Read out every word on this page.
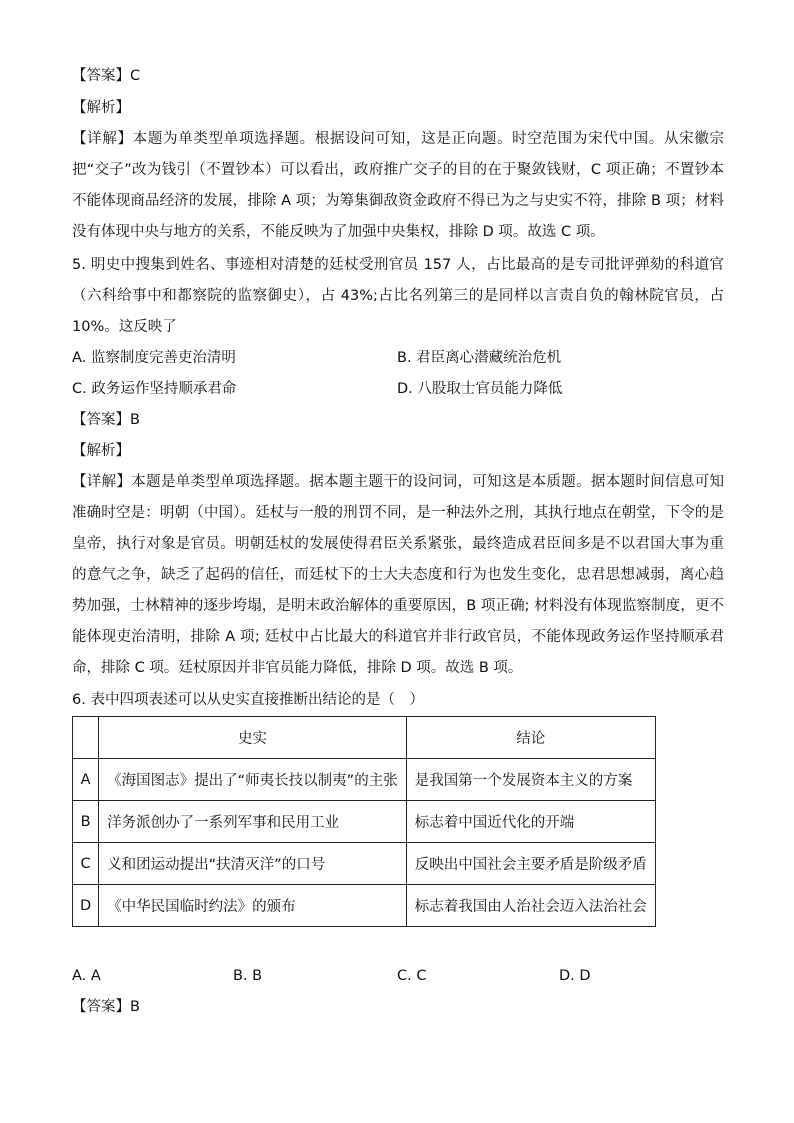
【答案】C
【解析】
【详解】本题为单类型单项选择题。根据设问可知，这是正向题。时空范围为宋代中国。从宋徽宗把“交子”改为钱引（不置钞本）可以看出，政府推广交子的目的在于聚敛钱财，C 项正确；不置钞本不能体现商品经济的发展，排除 A 项；为筹集御敌资金政府不得已为之与史实不符，排除 B 项；材料没有体现中央与地方的关系，不能反映为了加强中央集权，排除 D 项。故选 C 项。
5. 明史中搜集到姓名、事迹相对清楚的廷杖受刑官员 157 人，占比最高的是专司批评弹劾的科道官（六科给事中和都察院的监察御史），占 43%;占比名列第三的是同样以言责自负的翰林院官员，占 10%。这反映了
A. 监察制度完善吏治清明	B. 君臣离心潜藏统治危机
C. 政务运作坚持顺承君命	D. 八股取士官员能力降低
【答案】B
【解析】
【详解】本题是单类型单项选择题。据本题主题干的设问词，可知这是本质题。据本题时间信息可知准确时空是：明朝（中国）。廷杖与一般的刑罚不同，是一种法外之刑，其执行地点在朝堂，下令的是皇帝，执行对象是官员。明朝廷杖的发展使得君臣关系紧张，最终造成君臣间多是不以君国大事为重的意气之争，缺乏了起码的信任，而廷杖下的士大夫态度和行为也发生变化，忠君思想减弱，离心趋势加强，士林精神的逐步垮塌，是明末政治解体的重要原因，B 项正确; 材料没有体现监察制度，更不能体现吏治清明，排除 A 项; 廷杖中占比最大的科道官并非行政官员，不能体现政务运作坚持顺承君命，排除 C 项。廷杖原因并非官员能力降低，排除 D 项。故选 B 项。
6. 表中四项表述可以从史实直接推断出结论的是（　）
	史实	结论
A	《海国图志》提出了“师夷长技以制夷”的主张	是我国第一个发展资本主义的方案
B	洋务派创办了一系列军事和民用工业	标志着中国近代化的开端
C	义和团运动提出“扶清灭洋”的口号	反映出中国社会主要矛盾是阶级矛盾
D	《中华民国临时约法》的颁布	标志着我国由人治社会迈入法治社会
A. A	B. B	C. C	D. D
【答案】B
